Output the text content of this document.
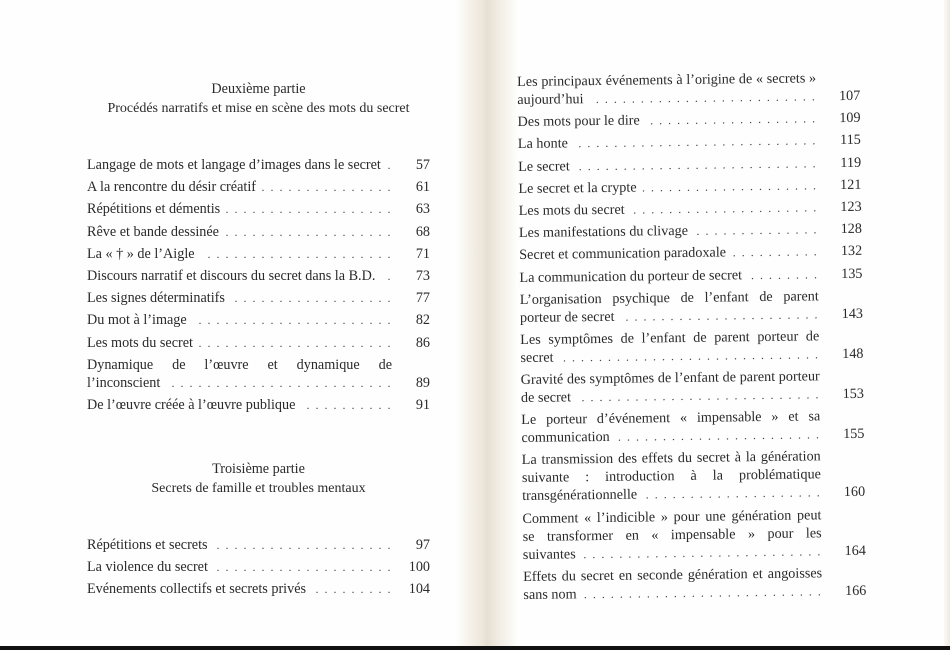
Deuxième partie
Procédés narratifs et mise en scène des mots du secret
Langage de mots et langage d’images dans le secret . . .	57
A la rencontre du désir créatif . . .	61
Répétitions et démentis . . .	63
Rêve et bande dessinée . . .	68
La « † » de l’Aigle . . .	71
Discours narratif et discours du secret dans la B.D. . . .	73
Les signes déterminatifs . . .	77
Du mot à l’image . . .	82
Les mots du secret . . .	86
Dynamique de l’œuvre et dynamique de l’inconscient . . .	89
De l’œuvre créée à l’œuvre publique . . .	91
Troisième partie
Secrets de famille et troubles mentaux
Répétitions et secrets . . .	97
La violence du secret . . .	100
Evénements collectifs et secrets privés . . .	104
Les principaux événements à l’origine de « secrets » aujourd’hui . . .	107
Des mots pour le dire . . .	109
La honte . . .	115
Le secret . . .	119
Le secret et la crypte . . .	121
Les mots du secret . . .	123
Les manifestations du clivage . . .	128
Secret et communication paradoxale . . .	132
La communication du porteur de secret . . .	135
L’organisation psychique de l’enfant de parent porteur de secret . . .	143
Les symptômes de l’enfant de parent porteur de secret . . .	148
Gravité des symptômes de l’enfant de parent porteur de secret . . .	153
Le porteur d’événement « impensable » et sa communication . . .	155
La transmission des effets du secret à la génération suivante : introduction à la problématique transgénérationnelle . . .	160
Comment « l’indicible » pour une génération peut se transformer en « impensable » pour les suivantes . . .	164
Effets du secret en seconde génération et angoisses sans nom . . .	166
